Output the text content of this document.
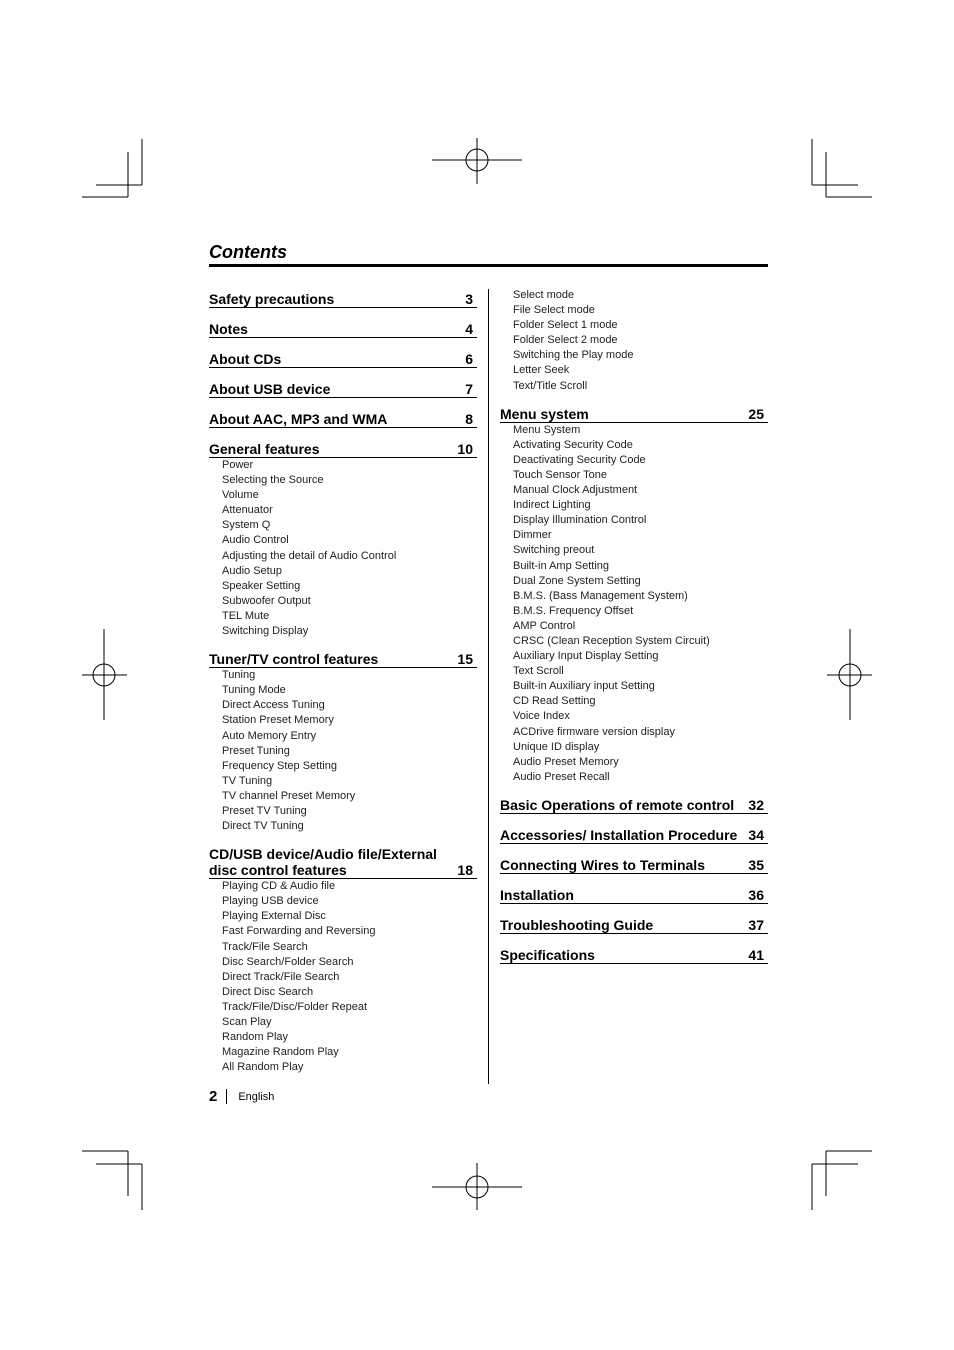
Contents
Safety precautions	3
Notes	4
About CDs	6
About USB device	7
About AAC, MP3 and WMA	8
General features	10
Power
Selecting the Source
Volume
Attenuator
System Q
Audio Control
Adjusting the detail of Audio Control
Audio Setup
Speaker Setting
Subwoofer Output
TEL Mute
Switching Display
Tuner/TV control features	15
Tuning
Tuning Mode
Direct Access Tuning
Station Preset Memory
Auto Memory Entry
Preset Tuning
Frequency Step Setting
TV Tuning
TV channel Preset Memory
Preset TV Tuning
Direct TV Tuning
CD/USB device/Audio file/External
disc control features	18
Playing CD & Audio file
Playing USB device
Playing External Disc
Fast Forwarding and Reversing
Track/File Search
Disc Search/Folder Search
Direct Track/File Search
Direct Disc Search
Track/File/Disc/Folder Repeat
Scan Play
Random Play
Magazine Random Play
All Random Play
Select mode
File Select mode
Folder Select 1 mode
Folder Select 2 mode
Switching the Play mode
Letter Seek
Text/Title Scroll
Menu system	25
Menu System
Activating Security Code
Deactivating Security Code
Touch Sensor Tone
Manual Clock Adjustment
Indirect Lighting
Display Illumination Control
Dimmer
Switching preout
Built-in Amp Setting
Dual Zone System Setting
B.M.S. (Bass Management System)
B.M.S. Frequency Offset
AMP Control
CRSC (Clean Reception System Circuit)
Auxiliary Input Display Setting
Text Scroll
Built-in Auxiliary input Setting
CD Read Setting
Voice Index
ACDrive firmware version display
Unique ID display
Audio Preset Memory
Audio Preset Recall
Basic Operations of remote control 32
Accessories/ Installation Procedure 34
Connecting Wires to Terminals	35
Installation	36
Troubleshooting Guide	37
Specifications	41
2 English
